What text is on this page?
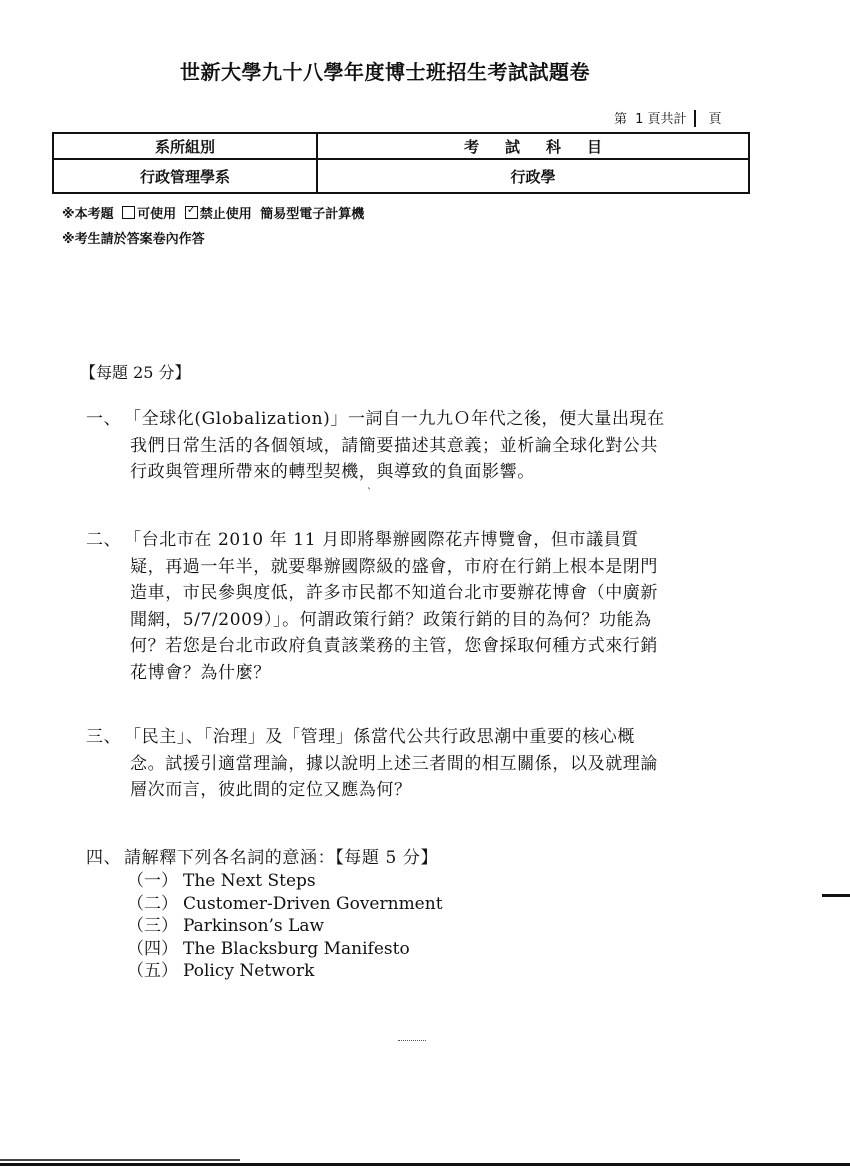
世新大學九十八學年度博士班招生考試試題卷
第 1 頁共計 頁
系所組別	考試科目
行政管理學系	行政學
※本考題 可使用 ✓ 禁止使用 簡易型電子計算機
※考生請於答案卷內作答
【每題 25 分】
一、 「全球化(Globalization)」一詞自一九九Ｏ年代之後，便大量出現在我們日常生活的各個領域，請簡要描述其意義；並析論全球化對公共行政與管理所帶來的轉型契機，與導致的負面影響。
ˋ
二、 「台北市在 2010 年 11 月即將舉辦國際花卉博覽會，但市議員質疑，再過一年半，就要舉辦國際級的盛會，市府在行銷上根本是閉門造車，市民參與度低，許多市民都不知道台北市要辦花博會（中廣新聞網，5/7/2009）」。何謂政策行銷？政策行銷的目的為何？功能為何？若您是台北市政府負責該業務的主管，您會採取何種方式來行銷花博會？為什麼？
三、 「民主」、「治理」及「管理」係當代公共行政思潮中重要的核心概念。試援引適當理論，據以說明上述三者間的相互關係，以及就理論層次而言，彼此間的定位又應為何？
四、 請解釋下列各名詞的意涵：【每題 5 分】
（一） The Next Steps
（二） Customer-Driven Government
（三） Parkinson’s Law
（四） The Blacksburg Manifesto
（五） Policy Network
